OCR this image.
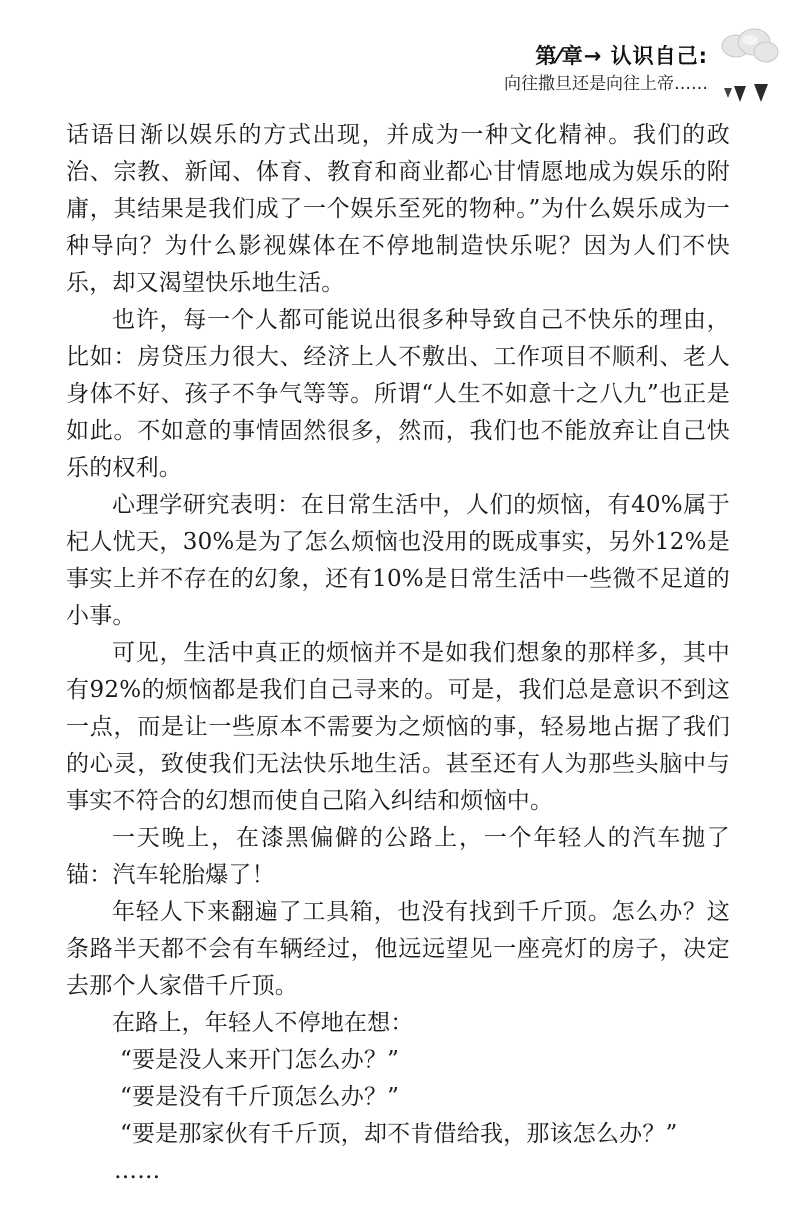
第⁄章→ 认识自己:
向往撒旦还是向往上帝……

话语日渐以娱乐的方式出现，并成为一种文化精神。我们的政治、宗教、新闻、体育、教育和商业都心甘情愿地成为娱乐的附庸，其结果是我们成了一个娱乐至死的物种。”为什么娱乐成为一种导向？为什么影视媒体在不停地制造快乐呢？因为人们不快乐，却又渴望快乐地生活。

也许，每一个人都可能说出很多种导致自己不快乐的理由，比如：房贷压力很大、经济上人不敷出、工作项目不顺利、老人身体不好、孩子不争气等等。所谓“人生不如意十之八九”也正是如此。不如意的事情固然很多，然而，我们也不能放弃让自己快乐的权利。

心理学研究表明：在日常生活中，人们的烦恼，有40%属于杞人忧天，30%是为了怎么烦恼也没用的既成事实，另外12%是事实上并不存在的幻象，还有10%是日常生活中一些微不足道的小事。

可见，生活中真正的烦恼并不是如我们想象的那样多，其中有92%的烦恼都是我们自己寻来的。可是，我们总是意识不到这一点，而是让一些原本不需要为之烦恼的事，轻易地占据了我们的心灵，致使我们无法快乐地生活。甚至还有人为那些头脑中与事实不符合的幻想而使自己陷入纠结和烦恼中。

一天晚上，在漆黑偏僻的公路上，一个年轻人的汽车抛了锚：汽车轮胎爆了！

年轻人下来翻遍了工具箱，也没有找到千斤顶。怎么办？这条路半天都不会有车辆经过，他远远望见一座亮灯的房子，决定去那个人家借千斤顶。

在路上，年轻人不停地在想：

“要是没人来开门怎么办？”

“要是没有千斤顶怎么办？”

“要是那家伙有千斤顶，却不肯借给我，那该怎么办？”

……
